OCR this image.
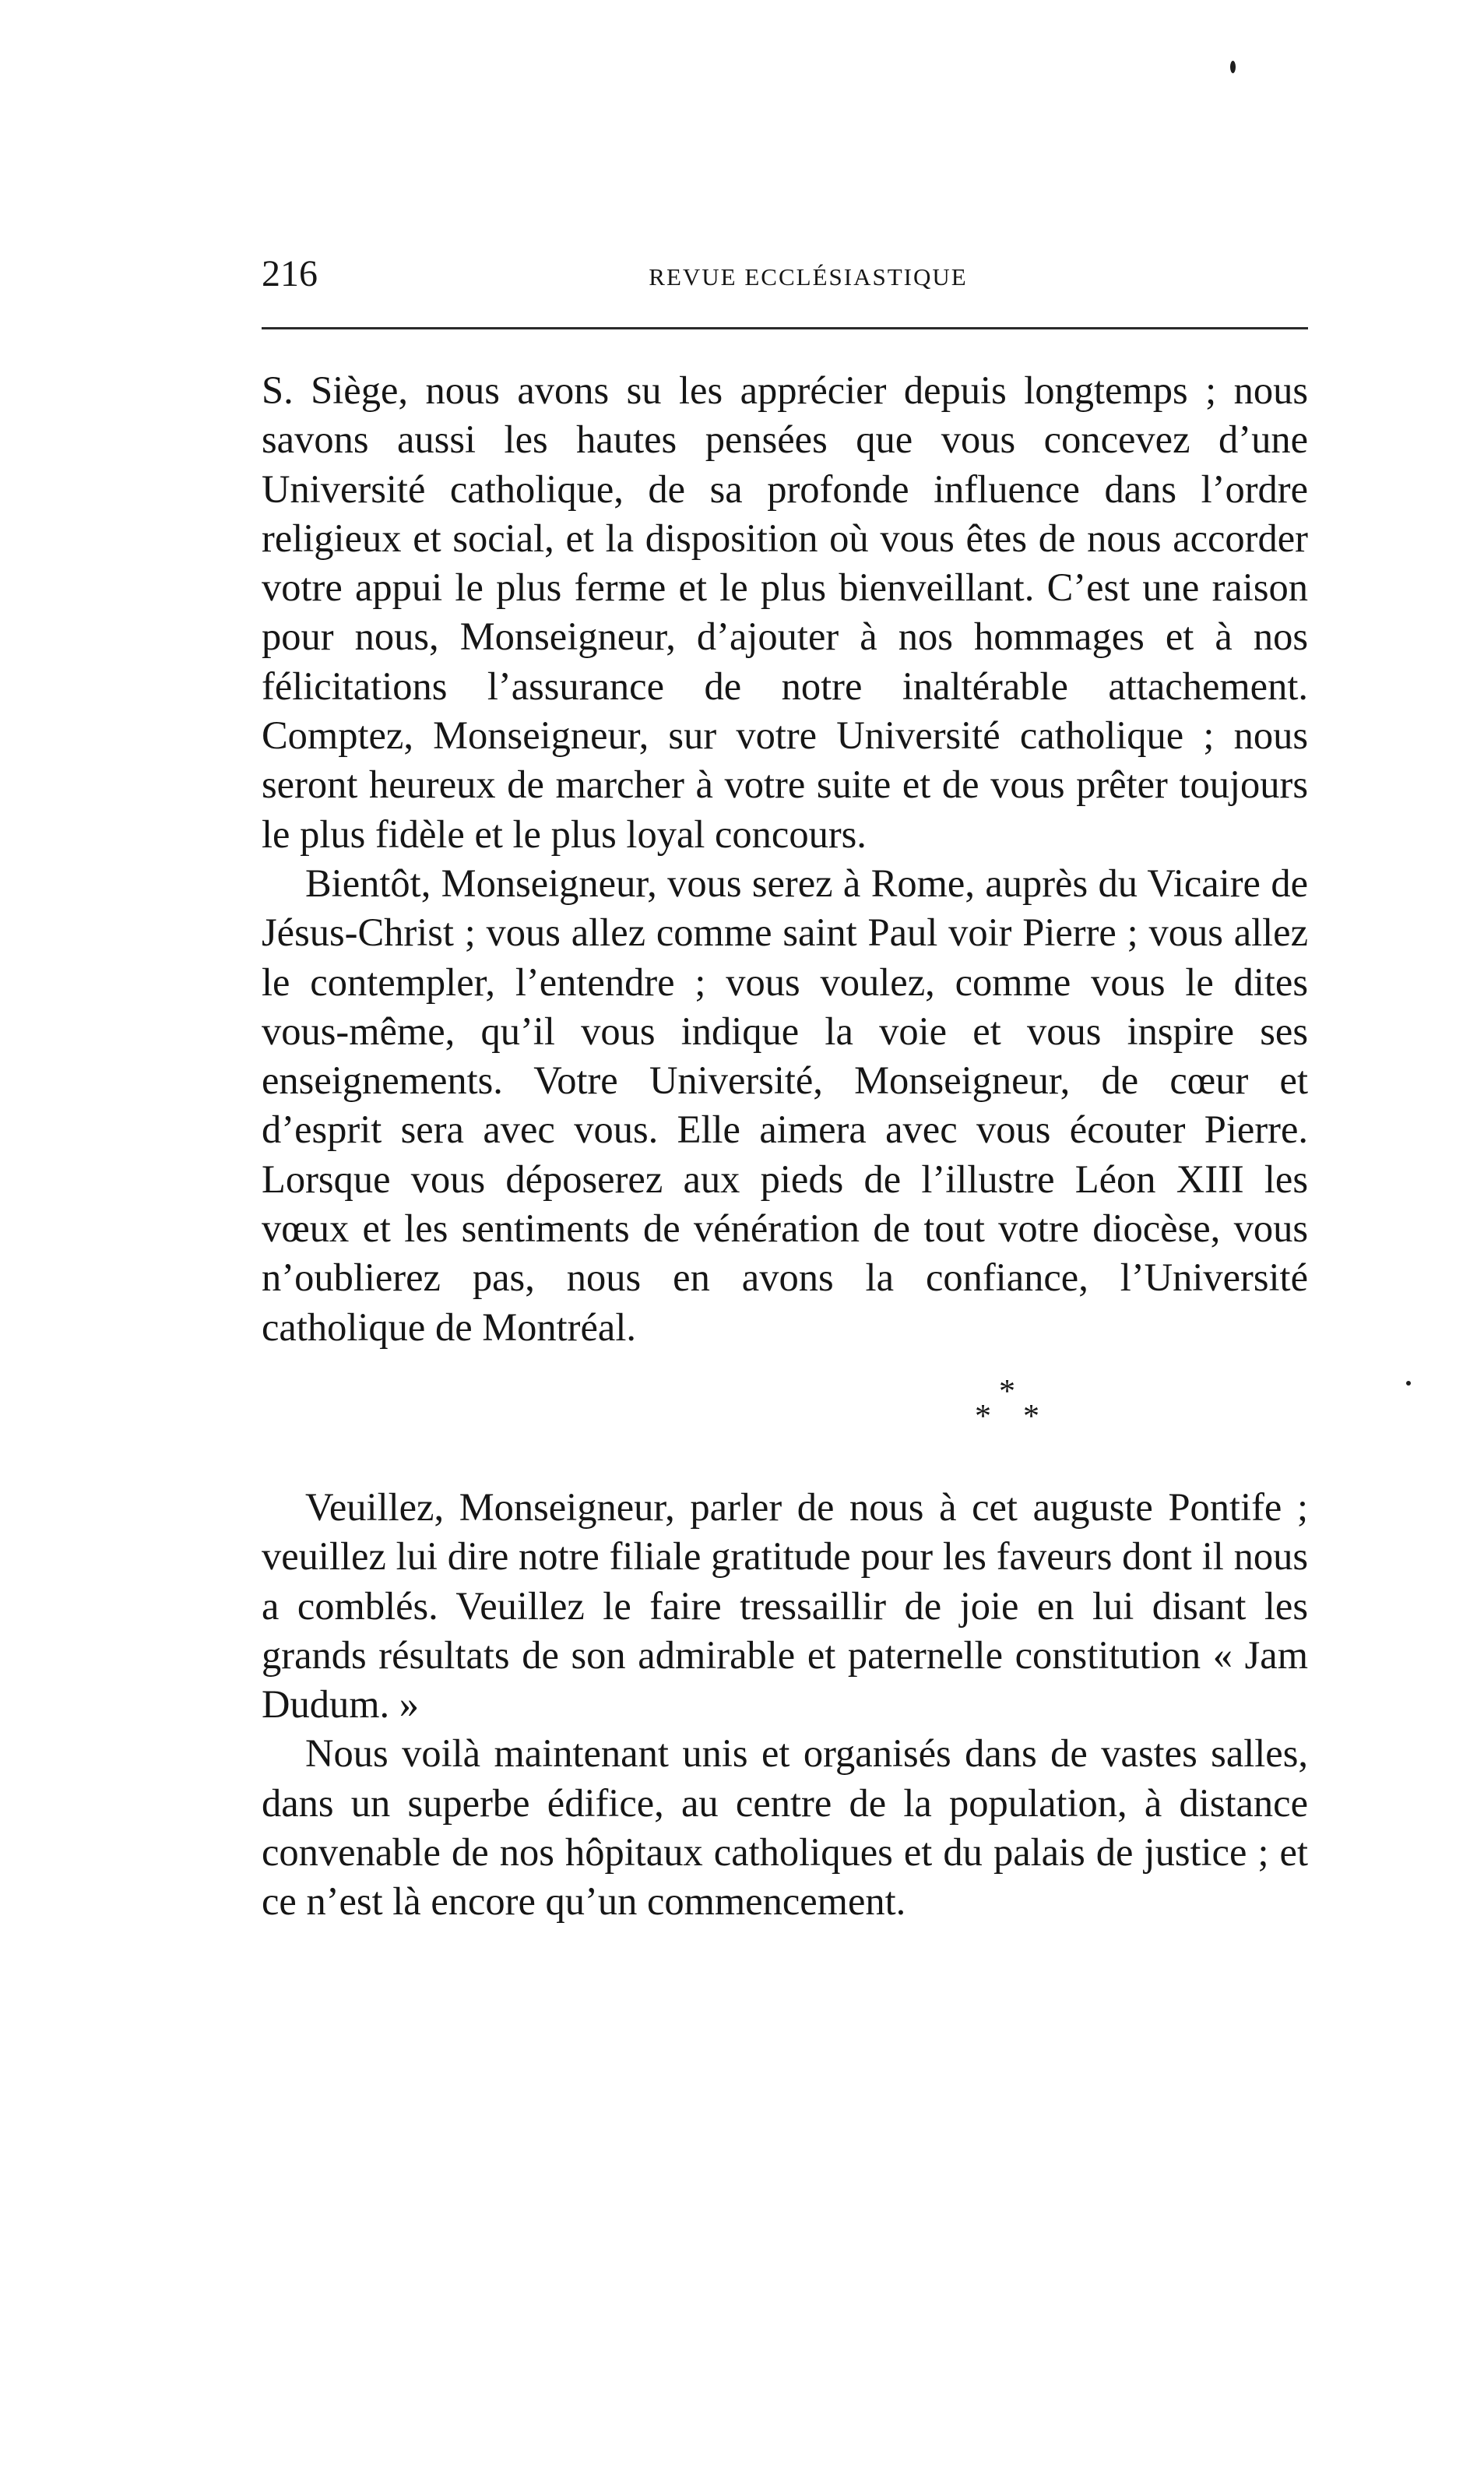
216	REVUE ECCLÉSIASTIQUE

S. Siège, nous avons su les apprécier depuis longtemps ; nous savons aussi les hautes pensées que vous concevez d’une Université catholique, de sa profonde influence dans l’ordre religieux et social, et la disposition où vous êtes de nous accorder votre appui le plus ferme et le plus bienveillant. C’est une raison pour nous, Monseigneur, d’ajouter à nos hommages et à nos félicitations l’assurance de notre inaltérable attachement. Comptez, Monseigneur, sur votre Université catholique ; nous seront heureux de marcher à votre suite et de vous prêter toujours le plus fidèle et le plus loyal concours.

Bientôt, Monseigneur, vous serez à Rome, auprès du Vicaire de Jésus-Christ ; vous allez comme saint Paul voir Pierre ; vous allez le contempler, l’entendre ; vous voulez, comme vous le dites vous-même, qu’il vous indique la voie et vous inspire ses enseignements. Votre Université, Monseigneur, de cœur et d’esprit sera avec vous. Elle aimera avec vous écouter Pierre. Lorsque vous déposerez aux pieds de l’illustre Léon XIII les vœux et les sentiments de vénération de tout votre diocèse, vous n’oublierez pas, nous en avons la confiance, l’Université catholique de Montréal.

*
* *

Veuillez, Monseigneur, parler de nous à cet auguste Pontife ; veuillez lui dire notre filiale gratitude pour les faveurs dont il nous a comblés. Veuillez le faire tressaillir de joie en lui disant les grands résultats de son admirable et paternelle constitution « Jam Dudum. »

Nous voilà maintenant unis et organisés dans de vastes salles, dans un superbe édifice, au centre de la population, à distance convenable de nos hôpitaux catholiques et du palais de justice ; et ce n’est là encore qu’un commencement.
